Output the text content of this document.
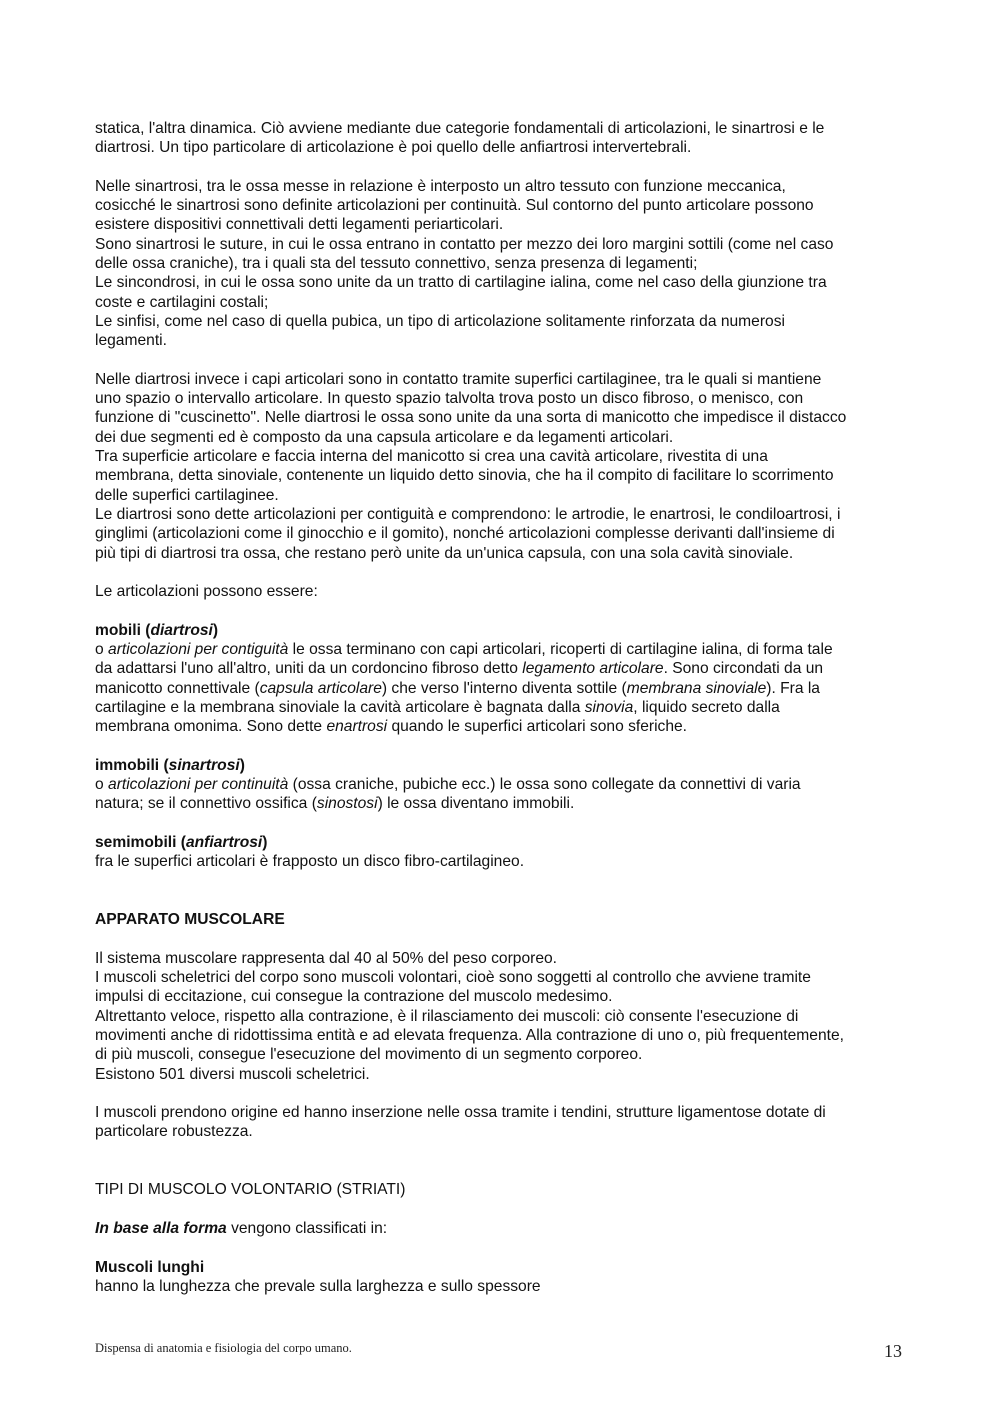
statica, l'altra dinamica. Ciò avviene mediante due categorie fondamentali di articolazioni, le sinartrosi e le
diartrosi. Un tipo particolare di articolazione è poi quello delle anfiartrosi intervertebrali.
Nelle sinartrosi, tra le ossa messe in relazione è interposto un altro tessuto con funzione meccanica,
cosicché le sinartrosi sono definite articolazioni per continuità. Sul contorno del punto articolare possono
esistere dispositivi connettivali detti legamenti periarticolari.
Sono sinartrosi le suture, in cui le ossa entrano in contatto per mezzo dei loro margini sottili (come nel caso
delle ossa craniche), tra i quali sta del tessuto connettivo, senza presenza di legamenti;
Le sincondrosi, in cui le ossa sono unite da un tratto di cartilagine ialina, come nel caso della giunzione tra
coste e cartilagini costali;
Le sinfisi, come nel caso di quella pubica, un tipo di articolazione solitamente rinforzata da numerosi
legamenti.
Nelle diartrosi invece i capi articolari sono in contatto tramite superfici cartilaginee, tra le quali si mantiene
uno spazio o intervallo articolare. In questo spazio talvolta trova posto un disco fibroso, o menisco, con
funzione di "cuscinetto". Nelle diartrosi le ossa sono unite da una sorta di manicotto che impedisce il distacco
dei due segmenti ed è composto da una capsula articolare e da legamenti articolari.
Tra superficie articolare e faccia interna del manicotto si crea una cavità articolare, rivestita di una
membrana, detta sinoviale, contenente un liquido detto sinovia, che ha il compito di facilitare lo scorrimento
delle superfici cartilaginee.
Le diartrosi sono dette articolazioni per contiguità e comprendono: le artrodie, le enartrosi, le condiloartrosi, i
ginglimi (articolazioni come il ginocchio e il gomito), nonché articolazioni complesse derivanti dall'insieme di
più tipi di diartrosi tra ossa, che restano però unite da un'unica capsula, con una sola cavità sinoviale.
Le articolazioni possono essere:
mobili (diartrosi)
o articolazioni per contiguità le ossa terminano con capi articolari, ricoperti di cartilagine ialina, di forma tale
da adattarsi l'uno all'altro, uniti da un cordoncino fibroso detto legamento articolare. Sono circondati da un
manicotto connettivale (capsula articolare) che verso l'interno diventa sottile (membrana sinoviale). Fra la
cartilagine e la membrana sinoviale la cavità articolare è bagnata dalla sinovia, liquido secreto dalla
membrana omonima. Sono dette enartrosi quando le superfici articolari sono sferiche.
immobili (sinartrosi)
o articolazioni per continuità (ossa craniche, pubiche ecc.) le ossa sono collegate da connettivi di varia
natura; se il connettivo ossifica (sinostosi) le ossa diventano immobili.
semimobili (anfiartrosi)
fra le superfici articolari è frapposto un disco fibro-cartilagineo.
APPARATO MUSCOLARE
Il sistema muscolare rappresenta dal 40 al 50% del peso corporeo.
I muscoli scheletrici del corpo sono muscoli volontari, cioè sono soggetti al controllo che avviene tramite
impulsi di eccitazione, cui consegue la contrazione del muscolo medesimo.
Altrettanto veloce, rispetto alla contrazione, è il rilasciamento dei muscoli: ciò consente l'esecuzione di
movimenti anche di ridottissima entità e ad elevata frequenza. Alla contrazione di uno o, più frequentemente,
di più muscoli, consegue l'esecuzione del movimento di un segmento corporeo.
Esistono 501 diversi muscoli scheletrici.
I muscoli prendono origine ed hanno inserzione nelle ossa tramite i tendini, strutture ligamentose dotate di
particolare robustezza.
TIPI DI MUSCOLO VOLONTARIO (STRIATI)
In base alla forma vengono classificati in:
Muscoli lunghi
hanno la lunghezza che prevale sulla larghezza e sullo spessore
Dispensa di anatomia e fisiologia del corpo umano.	13
